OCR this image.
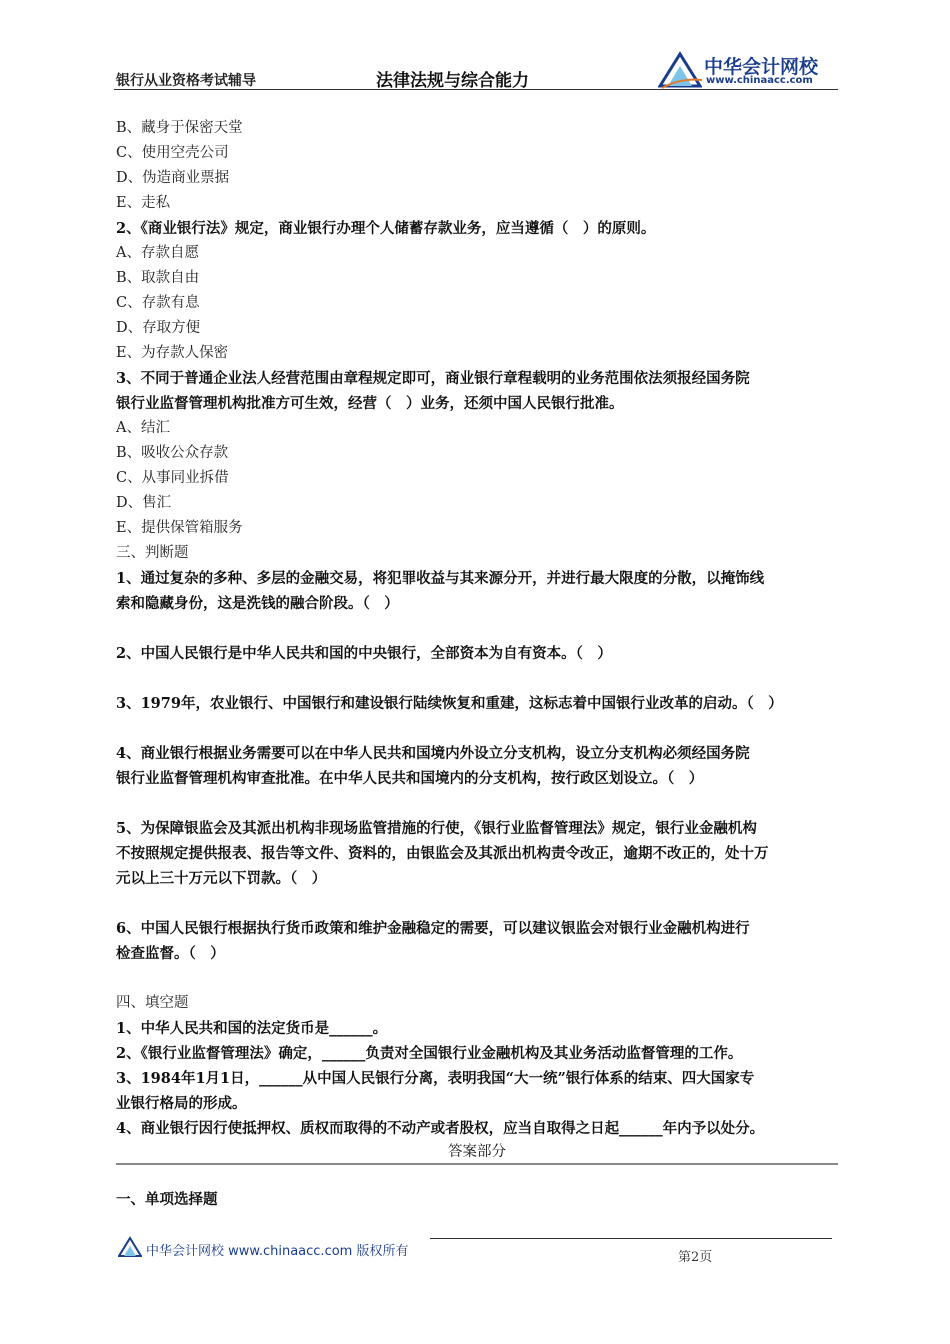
银行从业资格考试辅导	法律法规与综合能力
中华会计网校
www.chinaacc.com
B、藏身于保密天堂
C、使用空壳公司
D、伪造商业票据
E、走私
2、《商业银行法》规定，商业银行办理个人储蓄存款业务，应当遵循（　）的原则。
A、存款自愿
B、取款自由
C、存款有息
D、存取方便
E、为存款人保密
3、不同于普通企业法人经营范围由章程规定即可，商业银行章程载明的业务范围依法须报经国务院
银行业监督管理机构批准方可生效，经营（　）业务，还须中国人民银行批准。
A、结汇
B、吸收公众存款
C、从事同业拆借
D、售汇
E、提供保管箱服务
三、判断题
1、通过复杂的多种、多层的金融交易，将犯罪收益与其来源分开，并进行最大限度的分散，以掩饰线
索和隐藏身份，这是洗钱的融合阶段。（　）
2、中国人民银行是中华人民共和国的中央银行，全部资本为自有资本。（　）
3、1979年，农业银行、中国银行和建设银行陆续恢复和重建，这标志着中国银行业改革的启动。（　）
4、商业银行根据业务需要可以在中华人民共和国境内外设立分支机构，设立分支机构必须经国务院
银行业监督管理机构审查批准。在中华人民共和国境内的分支机构，按行政区划设立。（　）
5、为保障银监会及其派出机构非现场监管措施的行使，《银行业监督管理法》规定，银行业金融机构
不按照规定提供报表、报告等文件、资料的，由银监会及其派出机构责令改正，逾期不改正的，处十万
元以上三十万元以下罚款。（　）
6、中国人民银行根据执行货币政策和维护金融稳定的需要，可以建议银监会对银行业金融机构进行
检查监督。（　）
四、填空题
1、中华人民共和国的法定货币是______。
2、《银行业监督管理法》确定，______负责对全国银行业金融机构及其业务活动监督管理的工作。
3、1984年1月1日，______从中国人民银行分离，表明我国“大一统”银行体系的结束、四大国家专
业银行格局的形成。
4、商业银行因行使抵押权、质权而取得的不动产或者股权，应当自取得之日起______年内予以处分。
答案部分
一、单项选择题
中华会计网校 www.chinaacc.com 版权所有	第2页
